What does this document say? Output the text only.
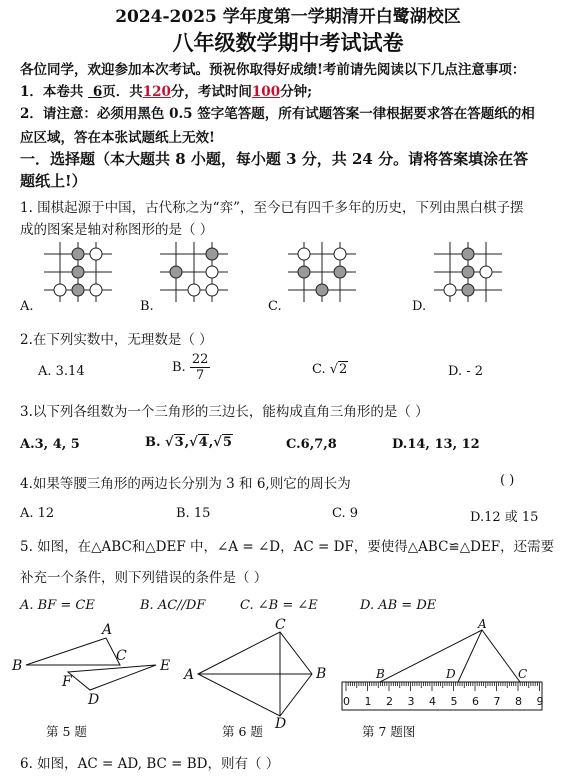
2024-2025 学年度第一学期清开白鹭湖校区
八年级数学期中考试试卷
各位同学，欢迎参加本次考试。预祝你取得好成绩!考前请先阅读以下几点注意事项：
1．本卷共 6页．共120分，考试时间100分钟;
2．请注意：必须用黑色 0.5 签字笔答题，所有试题答案一律根据要求答在答题纸的相
应区域，答在本张试题纸上无效!
一．选择题（本大题共 8 小题，每小题 3 分，共 24 分。请将答案填涂在答
题纸上!）
1. 围棋起源于中国，古代称之为“弈”，至今已有四千多年的历史，下列由黑白棋子摆
成的图案是轴对称图形的是（ ）
A.	B.	C.	D.
2.在下列实数中，无理数是（ ）
A. 3.14	B. $\frac{22}{7}$	C. √2	D. - 2
3.以下列各组数为一个三角形的三边长，能构成直角三角形的是（ ）
A.3, 4, 5	B. √3,√4,√5	C.6,7,8	D.14, 13, 12
4.如果等腰三角形的两边长分别为 3 和 6,则它的周长为	( )
A. 12	B. 15	C. 9	D.12 或 15
5. 如图，在△ABC和△DEF 中，∠A = ∠D，AC = DF，要使得△ABC≌△DEF，还需要
补充一个条件，则下列错误的条件是（ ）
A. BF = CE	B. AC//DF	C. ∠B = ∠E	D. AB = DE
B
A
C
E
F
D
第 5 题
A
C
B
D
第 6 题
A
B	D	C
0 1 2 3 4 5 6 7 8 9
第 7 题图
6. 如图，AC = AD, BC = BD，则有（ ）
